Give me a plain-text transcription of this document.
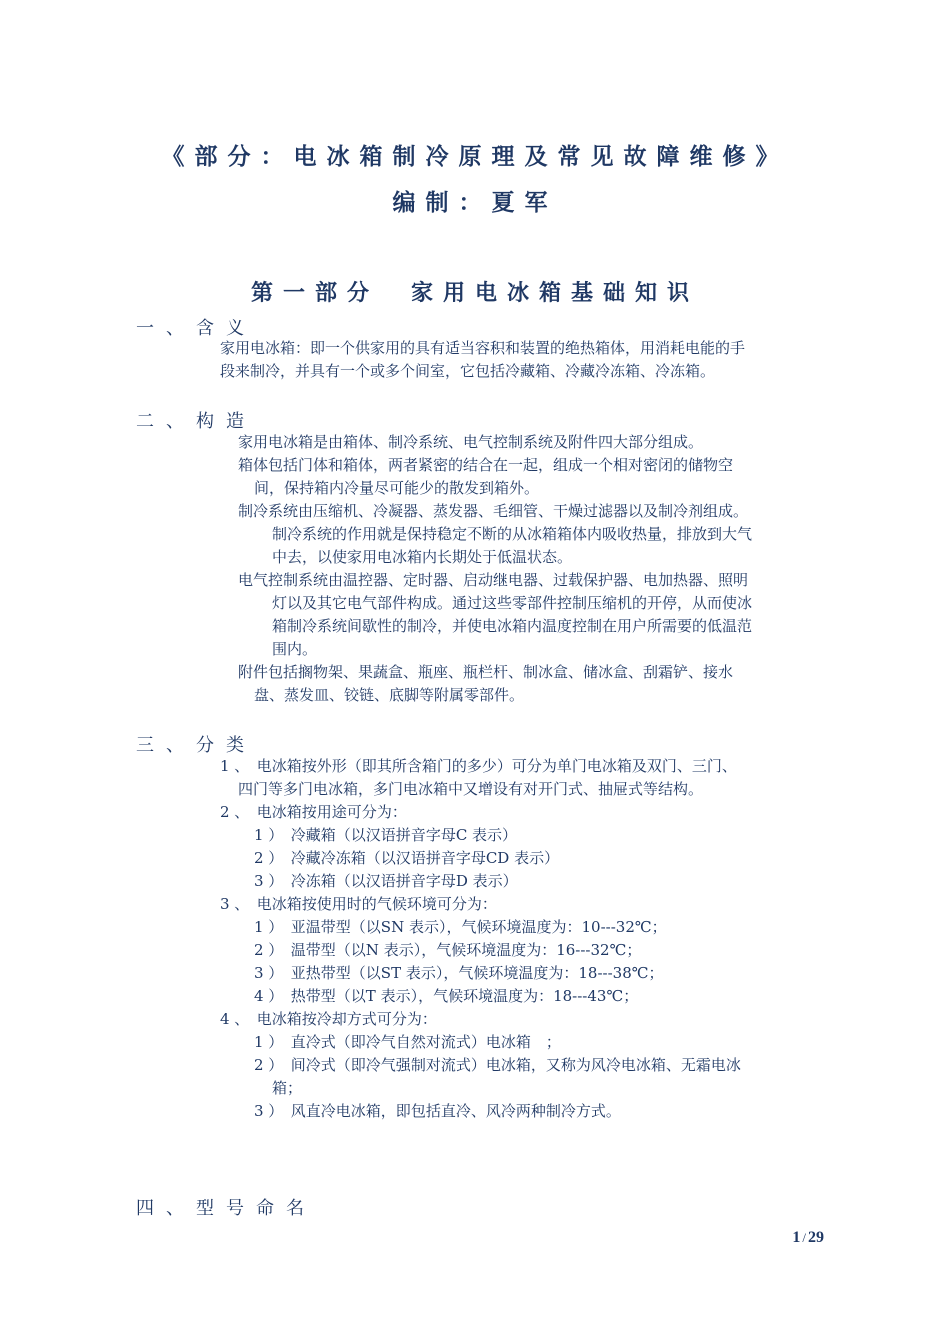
《部分：电冰箱制冷原理及常见故障维修》
编制：夏军
第一部分　家用电冰箱基础知识
一、含义
家用电冰箱：即一个供家用的具有适当容积和装置的绝热箱体，用消耗电能的手
段来制冷，并具有一个或多个间室，它包括冷藏箱、冷藏冷冻箱、冷冻箱。
二、构造
家用电冰箱是由箱体、制冷系统、电气控制系统及附件四大部分组成。
箱体包括门体和箱体，两者紧密的结合在一起，组成一个相对密闭的储物空
间，保持箱内冷量尽可能少的散发到箱外。
制冷系统由压缩机、冷凝器、蒸发器、毛细管、干燥过滤器以及制冷剂组成。
制冷系统的作用就是保持稳定不断的从冰箱箱体内吸收热量，排放到大气
中去，以使家用电冰箱内长期处于低温状态。
电气控制系统由温控器、定时器、启动继电器、过载保护器、电加热器、照明
灯以及其它电气部件构成。通过这些零部件控制压缩机的开停，从而使冰
箱制冷系统间歇性的制冷，并使电冰箱内温度控制在用户所需要的低温范
围内。
附件包括搁物架、果蔬盒、瓶座、瓶栏杆、制冰盒、储冰盒、刮霜铲、接水
盘、蒸发皿、铰链、底脚等附属零部件。
三、分类
1 、　电冰箱按外形（即其所含箱门的多少）可分为单门电冰箱及双门、三门、
四门等多门电冰箱，多门电冰箱中又增设有对开门式、抽屉式等结构。
2 、　电冰箱按用途可分为：
1 ）　冷藏箱（以汉语拼音字母C 表示）
2 ）　冷藏冷冻箱（以汉语拼音字母CD 表示）
3 ）　冷冻箱（以汉语拼音字母D 表示）
3 、　电冰箱按使用时的气候环境可分为：
1 ）　亚温带型（以SN 表示），气候环境温度为：10---32℃；
2 ）　温带型（以N 表示），气候环境温度为：16---32℃；
3 ）　亚热带型（以ST 表示），气候环境温度为：18---38℃；
4 ）　热带型（以T 表示），气候环境温度为：18---43℃；
4 、　电冰箱按冷却方式可分为：
1 ）　直冷式（即冷气自然对流式）电冰箱　；
2 ）　间冷式（即冷气强制对流式）电冰箱，又称为风冷电冰箱、无霜电冰
箱；
3 ）　风直冷电冰箱，即包括直冷、风冷两种制冷方式。
四、型号命名
1 / 29
